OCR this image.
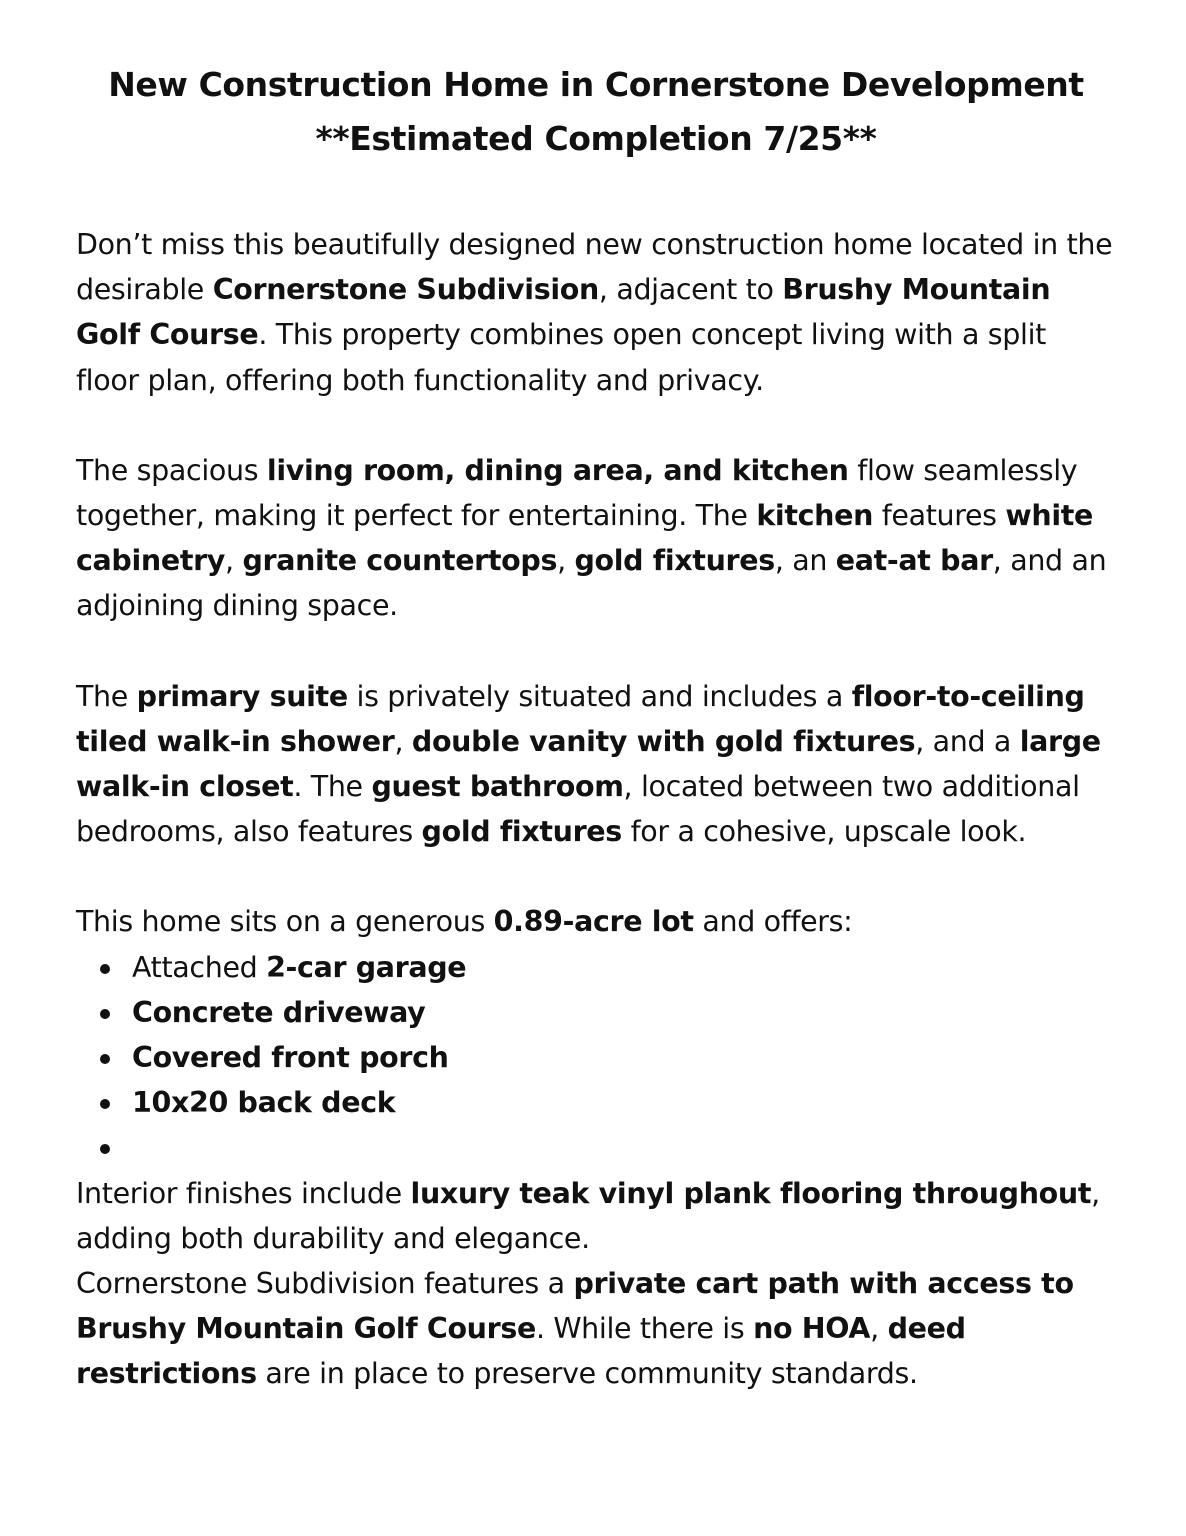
New Construction Home in Cornerstone Development
**Estimated Completion 7/25**

Don’t miss this beautifully designed new construction home located in the desirable Cornerstone Subdivision, adjacent to Brushy Mountain Golf Course. This property combines open concept living with a split floor plan, offering both functionality and privacy.

The spacious living room, dining area, and kitchen flow seamlessly together, making it perfect for entertaining. The kitchen features white cabinetry, granite countertops, gold fixtures, an eat-at bar, and an adjoining dining space.

The primary suite is privately situated and includes a floor-to-ceiling tiled walk-in shower, double vanity with gold fixtures, and a large walk-in closet. The guest bathroom, located between two additional bedrooms, also features gold fixtures for a cohesive, upscale look.

This home sits on a generous 0.89-acre lot and offers:

Attached 2-car garage
Concrete driveway
Covered front porch
10x20 back deck

Interior finishes include luxury teak vinyl plank flooring throughout, adding both durability and elegance.

Cornerstone Subdivision features a private cart path with access to Brushy Mountain Golf Course. While there is no HOA, deed restrictions are in place to preserve community standards.
